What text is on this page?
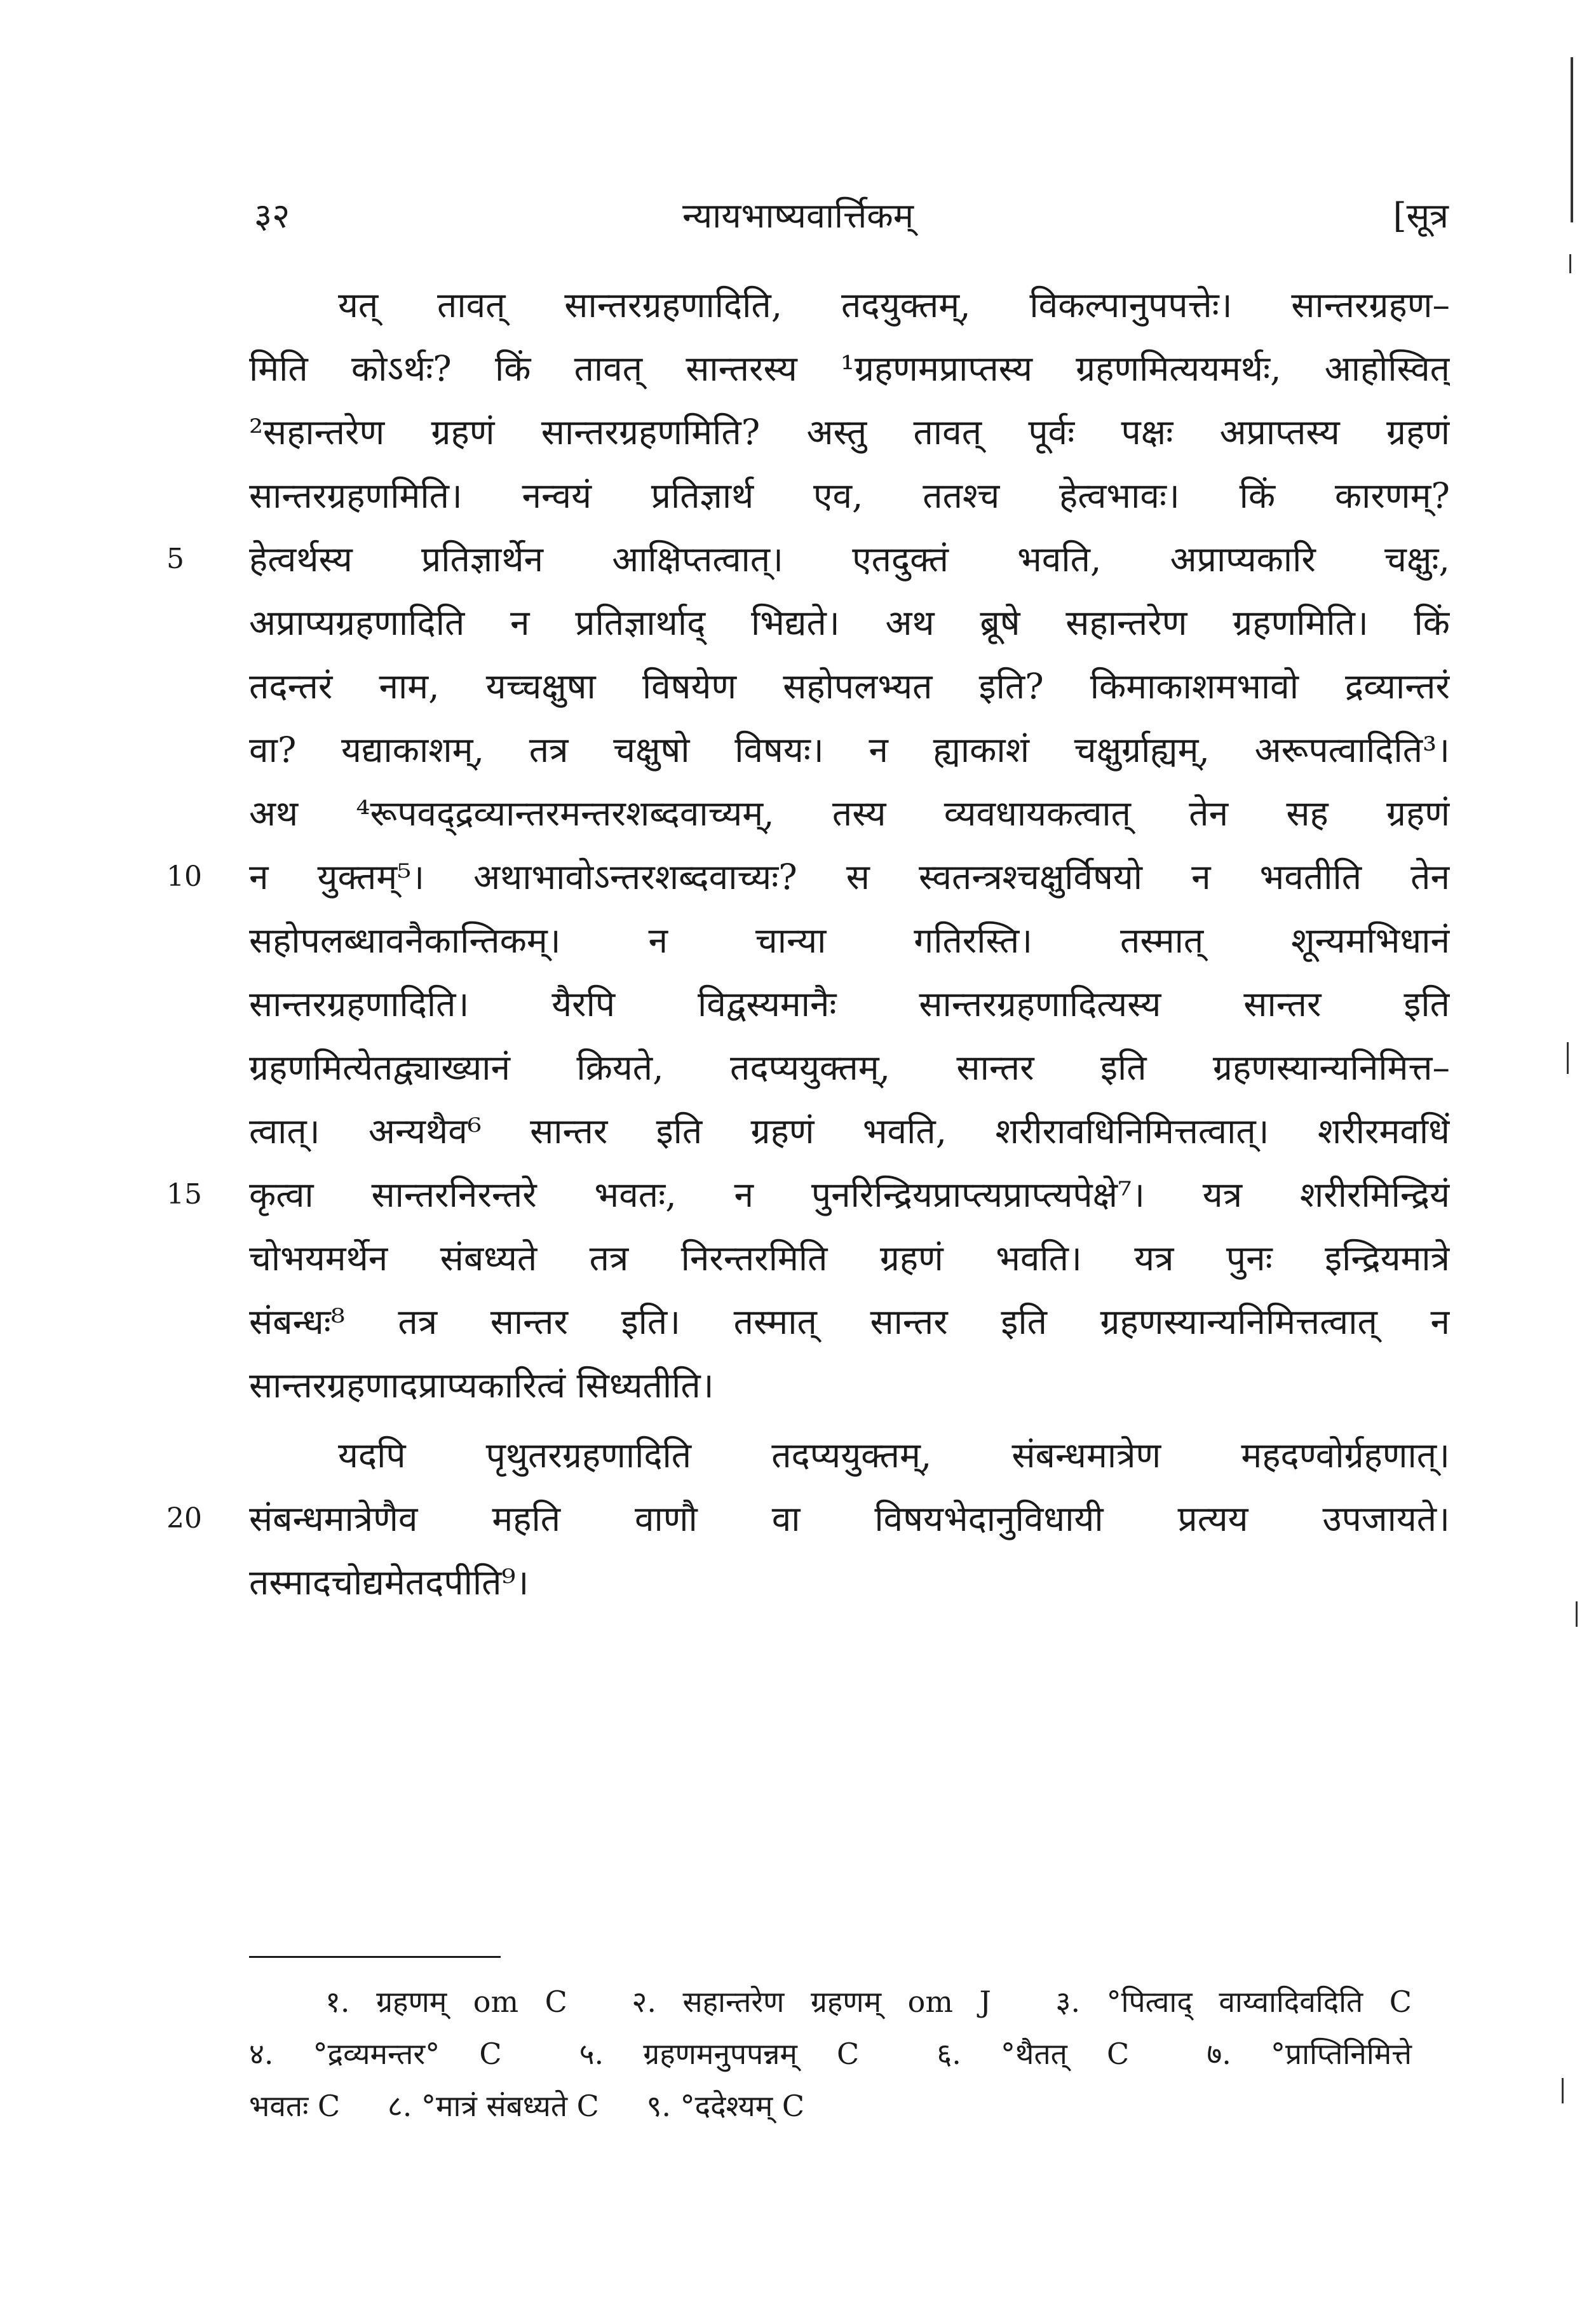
३२	न्यायभाष्यवार्त्तिकम्	[सूत्र
यत् तावत् सान्तरग्रहणादिति, तदयुक्तम्, विकल्पानुपपत्तेः। सान्तरग्रहण–
मिति कोऽर्थः? किं तावत् सान्तरस्य ¹ग्रहणमप्राप्तस्य ग्रहणमित्ययमर्थः, आहोस्वित्
²सहान्तरेण ग्रहणं सान्तरग्रहणमिति? अस्तु तावत् पूर्वः पक्षः अप्राप्तस्य ग्रहणं
सान्तरग्रहणमिति। नन्वयं प्रतिज्ञार्थ एव, ततश्च हेत्वभावः। किं कारणम्?
हेत्वर्थस्य प्रतिज्ञार्थेन आक्षिप्तत्वात्। एतदुक्तं भवति, अप्राप्यकारि चक्षुः,
अप्राप्यग्रहणादिति न प्रतिज्ञार्थाद् भिद्यते। अथ ब्रूषे सहान्तरेण ग्रहणमिति। किं
तदन्तरं नाम, यच्चक्षुषा विषयेण सहोपलभ्यत इति? किमाकाशमभावो द्रव्यान्तरं
वा? यद्याकाशम्, तत्र चक्षुषो विषयः। न ह्याकाशं चक्षुर्ग्राह्यम्, अरूपत्वादिति³।
अथ ⁴रूपवद्द्रव्यान्तरमन्तरशब्दवाच्यम्, तस्य व्यवधायकत्वात् तेन सह ग्रहणं
न युक्तम्⁵। अथाभावोऽन्तरशब्दवाच्यः? स स्वतन्त्रश्चक्षुर्विषयो न भवतीति तेन
सहोपलब्धावनैकान्तिकम्। न चान्या गतिरस्ति। तस्मात् शून्यमभिधानं
सान्तरग्रहणादिति। यैरपि विद्वस्यमानैः सान्तरग्रहणादित्यस्य सान्तर इति
ग्रहणमित्येतद्व्याख्यानं क्रियते, तदप्ययुक्तम्, सान्तर इति ग्रहणस्यान्यनिमित्त–
त्वात्। अन्यथैव⁶ सान्तर इति ग्रहणं भवति, शरीरावधिनिमित्तत्वात्। शरीरमवधिं
कृत्वा सान्तरनिरन्तरे भवतः, न पुनरिन्द्रियप्राप्त्यप्राप्त्यपेक्षे⁷। यत्र शरीरमिन्द्रियं
चोभयमर्थेन संबध्यते तत्र निरन्तरमिति ग्रहणं भवति। यत्र पुनः इन्द्रियमात्रे
संबन्धः⁸ तत्र सान्तर इति। तस्मात् सान्तर इति ग्रहणस्यान्यनिमित्तत्वात् न
सान्तरग्रहणादप्राप्यकारित्वं सिध्यतीति।
यदपि पृथुतरग्रहणादिति तदप्ययुक्तम्, संबन्धमात्रेण महदण्वोर्ग्रहणात्।
संबन्धमात्रेणैव महति वाणौ वा विषयभेदानुविधायी प्रत्यय उपजायते।
तस्मादचोद्यमेतदपीति⁹।
5
10
15
20
१. ग्रहणम् om C २. सहान्तरेण ग्रहणम् om J ३. °पित्वाद् वाय्वादिवदिति C
४. °द्रव्यमन्तर° C	५. ग्रहणमनुपपन्नम् C	६. °थैतत् C	७. °प्राप्तिनिमित्ते
भवतः C ८. °मात्रं संबध्यते C ९. °ददेश्यम् C
